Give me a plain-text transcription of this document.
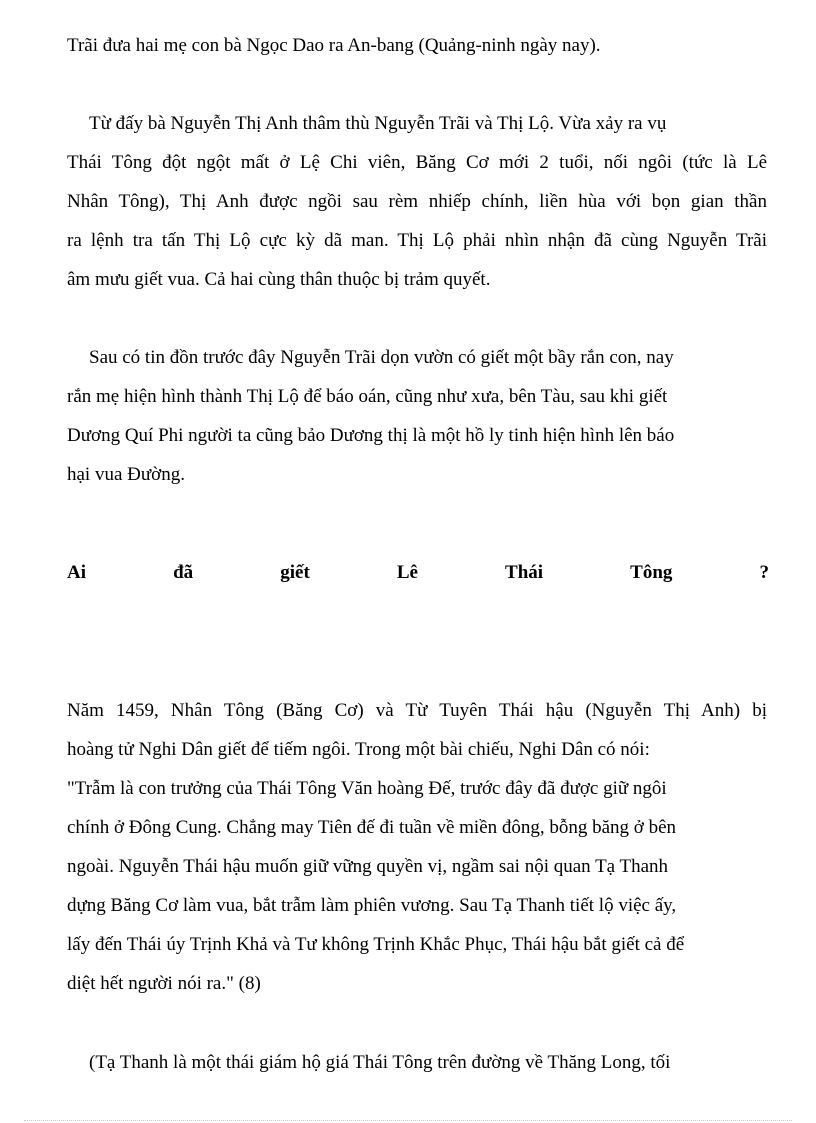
Trãi đưa hai mẹ con bà Ngọc Dao ra An-bang (Quảng-ninh ngày nay).
Từ đấy bà Nguyễn Thị Anh thâm thù Nguyễn Trãi và Thị Lộ. Vừa xảy ra vụ
Thái Tông đột ngột mất ở Lệ Chi viên, Băng Cơ mới 2 tuổi, nối ngôi (tức là Lê
Nhân Tông), Thị Anh được ngồi sau rèm nhiếp chính, liền hùa với bọn gian thần
ra lệnh tra tấn Thị Lộ cực kỳ dã man. Thị Lộ phải nhìn nhận đã cùng Nguyễn Trãi
âm mưu giết vua. Cả hai cùng thân thuộc bị trảm quyết.
Sau có tin đồn trước đây Nguyễn Trãi dọn vườn có giết một bầy rắn con, nay
rắn mẹ hiện hình thành Thị Lộ để báo oán, cũng như xưa, bên Tàu, sau khi giết
Dương Quí Phi người ta cũng bảo Dương thị là một hồ ly tinh hiện hình lên báo
hại vua Đường.
Ai	đã	giết	Lê	Thái	Tông	?
Năm 1459, Nhân Tông (Băng Cơ) và Từ Tuyên Thái hậu (Nguyễn Thị Anh) bị
hoàng tử Nghi Dân giết để tiếm ngôi. Trong một bài chiếu, Nghi Dân có nói:
"Trẫm là con trưởng của Thái Tông Văn hoàng Đế, trước đây đã được giữ ngôi
chính ở Đông Cung. Chẳng may Tiên đế đi tuần về miền đông, bỗng băng ở bên
ngoài. Nguyễn Thái hậu muốn giữ vững quyền vị, ngầm sai nội quan Tạ Thanh
dựng Băng Cơ làm vua, bắt trẫm làm phiên vương. Sau Tạ Thanh tiết lộ việc ấy,
lấy đến Thái úy Trịnh Khả và Tư không Trịnh Khắc Phục, Thái hậu bắt giết cả để
diệt hết người nói ra." (8)
(Tạ Thanh là một thái giám hộ giá Thái Tông trên đường về Thăng Long, tối
